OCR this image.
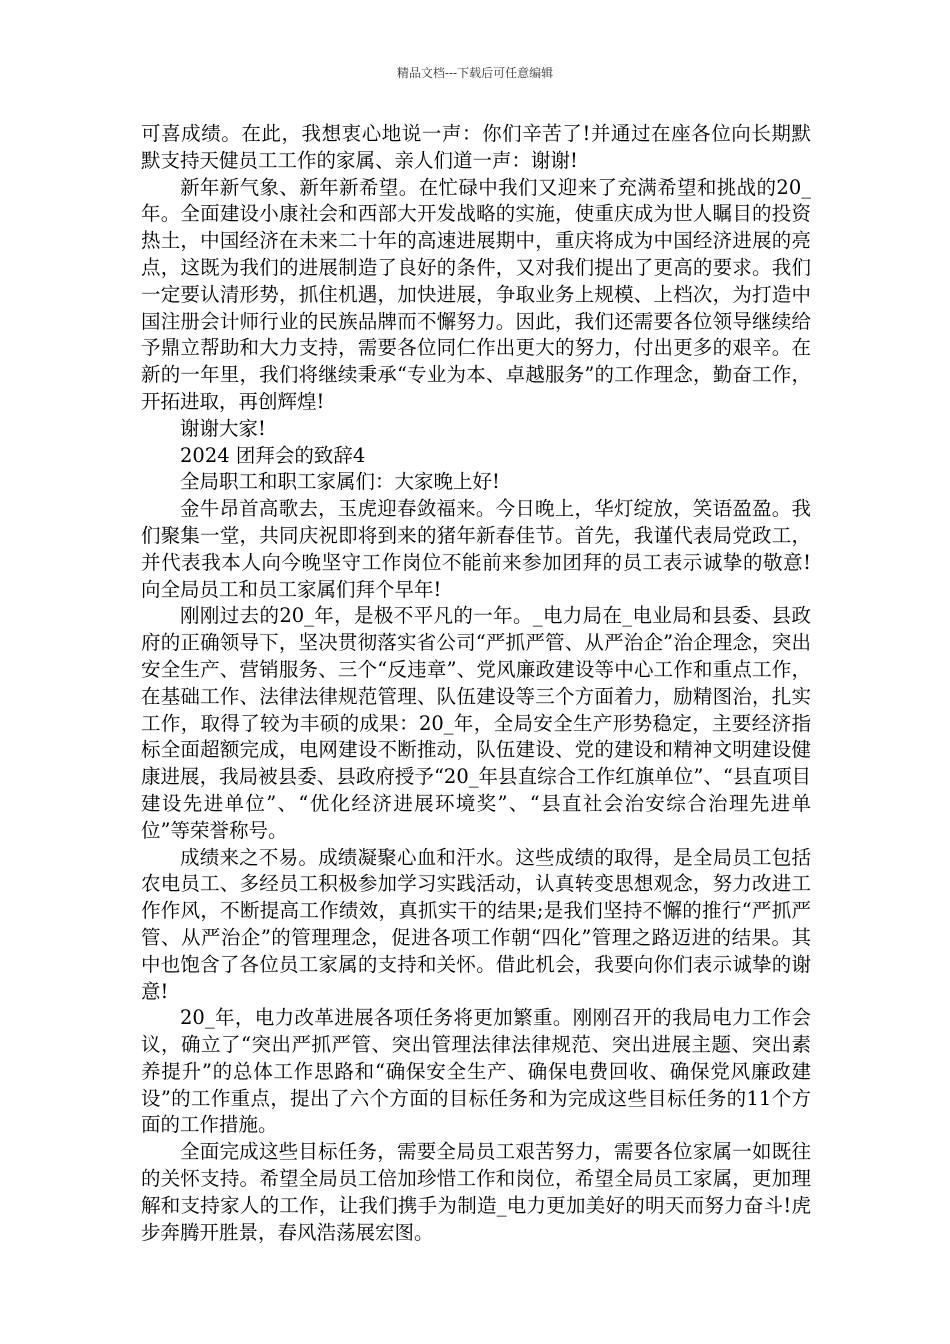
精品文档---下载后可任意编辑

可喜成绩。在此，我想衷心地说一声：你们辛苦了!并通过在座各位向长期默默支持天健员工工作的家属、亲人们道一声：谢谢!

新年新气象、新年新希望。在忙碌中我们又迎来了充满希望和挑战的20_年。全面建设小康社会和西部大开发战略的实施，使重庆成为世人瞩目的投资热土，中国经济在未来二十年的高速进展期中，重庆将成为中国经济进展的亮点，这既为我们的进展制造了良好的条件，又对我们提出了更高的要求。我们一定要认清形势，抓住机遇，加快进展，争取业务上规模、上档次，为打造中国注册会计师行业的民族品牌而不懈努力。因此，我们还需要各位领导继续给予鼎立帮助和大力支持，需要各位同仁作出更大的努力，付出更多的艰辛。在新的一年里，我们将继续秉承“专业为本、卓越服务”的工作理念，勤奋工作，开拓进取，再创辉煌!

谢谢大家!

2024 团拜会的致辞4

全局职工和职工家属们：大家晚上好!

金牛昂首高歌去，玉虎迎春敛福来。今日晚上，华灯绽放，笑语盈盈。我们聚集一堂，共同庆祝即将到来的猪年新春佳节。首先，我谨代表局党政工，并代表我本人向今晚坚守工作岗位不能前来参加团拜的员工表示诚挚的敬意!向全局员工和员工家属们拜个早年!

刚刚过去的20_年，是极不平凡的一年。_电力局在_电业局和县委、县政府的正确领导下，坚决贯彻落实省公司“严抓严管、从严治企”治企理念，突出安全生产、营销服务、三个“反违章”、党风廉政建设等中心工作和重点工作，在基础工作、法律法律规范管理、队伍建设等三个方面着力，励精图治，扎实工作，取得了较为丰硕的成果：20_年，全局安全生产形势稳定，主要经济指标全面超额完成，电网建设不断推动，队伍建设、党的建设和精神文明建设健康进展，我局被县委、县政府授予“20_年县直综合工作红旗单位”、“县直项目建设先进单位”、“优化经济进展环境奖”、“县直社会治安综合治理先进单位”等荣誉称号。

成绩来之不易。成绩凝聚心血和汗水。这些成绩的取得，是全局员工包括农电员工、多经员工积极参加学习实践活动，认真转变思想观念，努力改进工作作风，不断提高工作绩效，真抓实干的结果;是我们坚持不懈的推行“严抓严管、从严治企”的管理理念，促进各项工作朝“四化”管理之路迈进的结果。其中也饱含了各位员工家属的支持和关怀。借此机会，我要向你们表示诚挚的谢意!

20_年，电力改革进展各项任务将更加繁重。刚刚召开的我局电力工作会议，确立了“突出严抓严管、突出管理法律法律规范、突出进展主题、突出素养提升”的总体工作思路和“确保安全生产、确保电费回收、确保党风廉政建设”的工作重点，提出了六个方面的目标任务和为完成这些目标任务的11个方面的工作措施。

全面完成这些目标任务，需要全局员工艰苦努力，需要各位家属一如既往的关怀支持。希望全局员工倍加珍惜工作和岗位，希望全局员工家属，更加理解和支持家人的工作，让我们携手为制造_电力更加美好的明天而努力奋斗!虎步奔腾开胜景，春风浩荡展宏图。
